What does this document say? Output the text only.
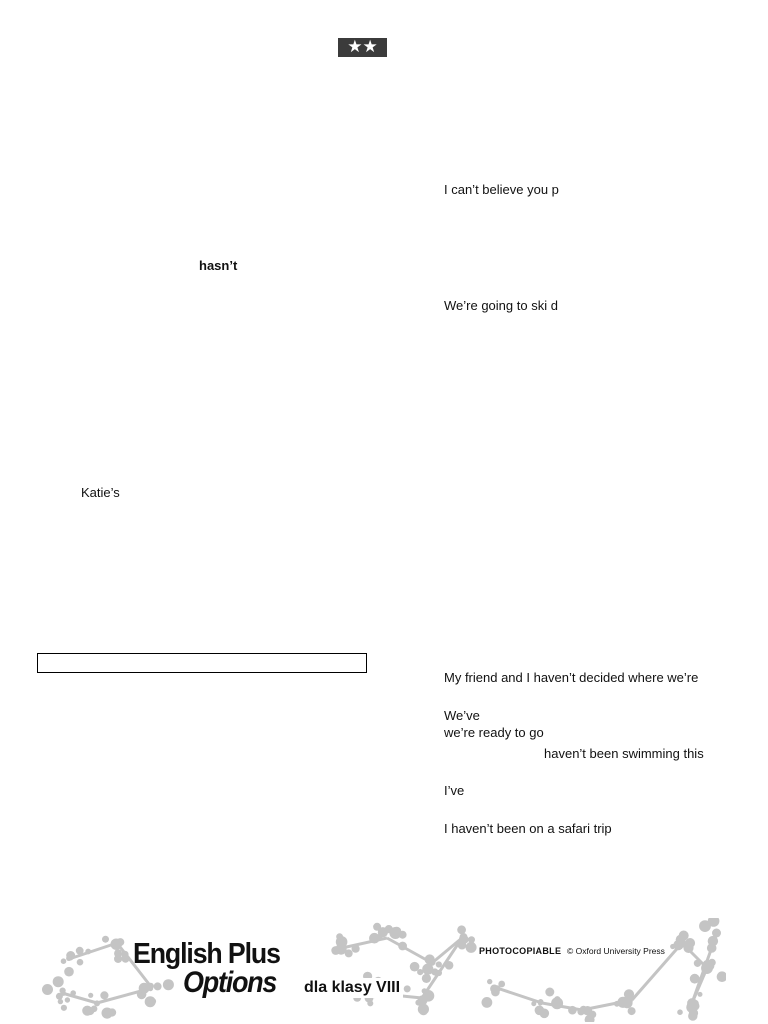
★★
hasn’t
Katie’s
I can’t believe you p
We’re going to ski d
My friend and I haven’t decided where we’re
We’ve
we’re ready to go
haven’t been swimming this
I’ve
I haven’t been on a safari trip
English Plus
Options dla klasy VIII
PHOTOCOPIABLE © Oxford University Press
